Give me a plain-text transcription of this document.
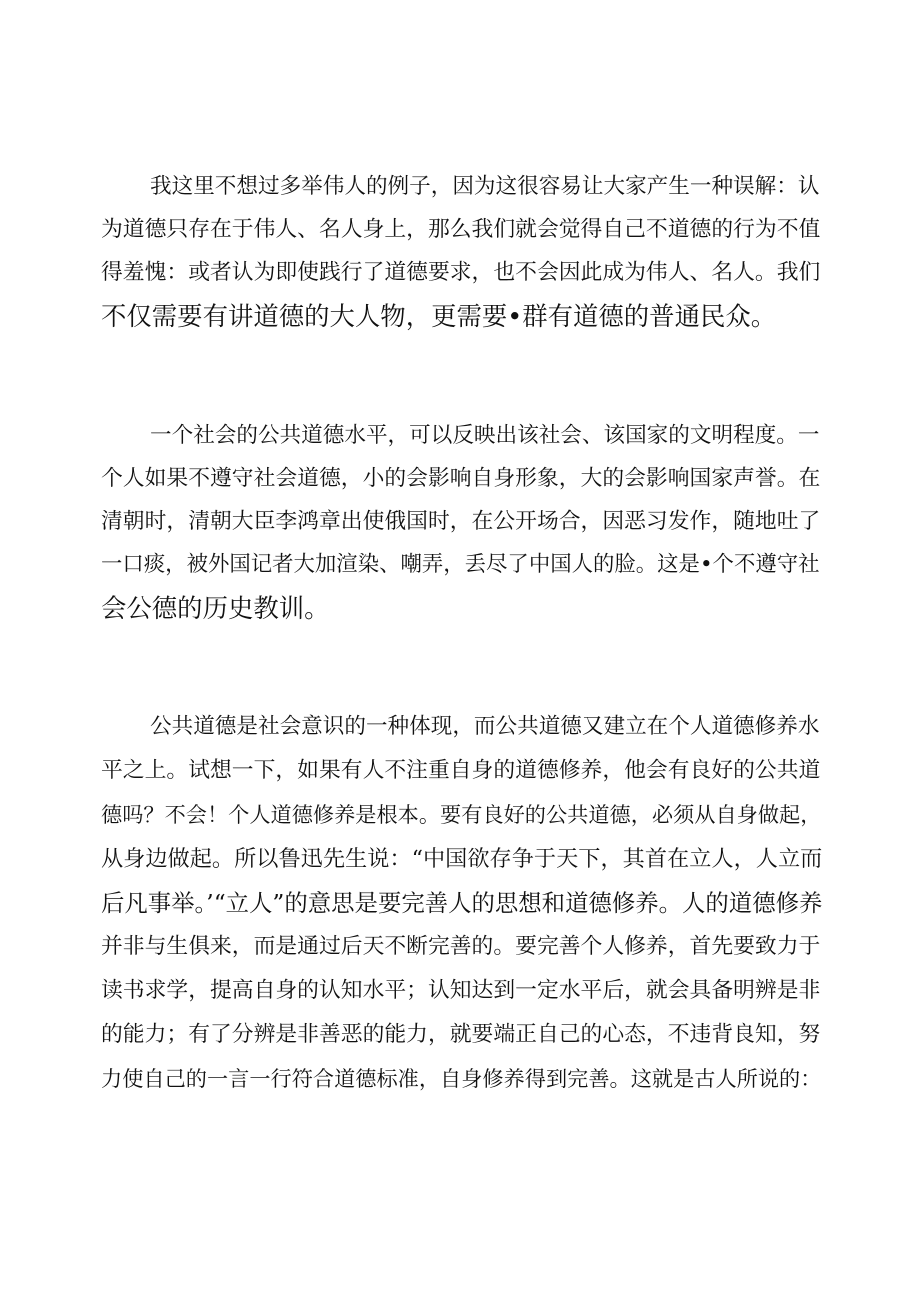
我这里不想过多举伟人的例子，因为这很容易让大家产生一种误解：认

为道德只存在于伟人、名人身上，那么我们就会觉得自己不道德的行为不值

得羞愧：或者认为即使践行了道德要求，也不会因此成为伟人、名人。我们

不仅需要有讲道德的大人物，更需要•群有道德的普通民众。

一个社会的公共道德水平，可以反映出该社会、该国家的文明程度。一

个人如果不遵守社会道德，小的会影响自身形象，大的会影响国家声誉。在

清朝时，清朝大臣李鸿章出使俄国时，在公开场合，因恶习发作，随地吐了

一口痰，被外国记者大加渲染、嘲弄，丢尽了中国人的脸。这是•个不遵守社

会公德的历史教训。

公共道德是社会意识的一种体现，而公共道德又建立在个人道德修养水

平之上。试想一下，如果有人不注重自身的道德修养，他会有良好的公共道

德吗？不会！个人道德修养是根本。要有良好的公共道德，必须从自身做起，

从身边做起。所以鲁迅先生说：“中国欲存争于天下，其首在立人，人立而

后凡事举。’“立人”的意思是要完善人的思想和道德修养。人的道德修养

并非与生俱来，而是通过后天不断完善的。要完善个人修养，首先要致力于

读书求学，提高自身的认知水平；认知达到一定水平后，就会具备明辨是非

的能力；有了分辨是非善恶的能力，就要端正自己的心态，不违背良知，努

力使自己的一言一行符合道德标准，自身修养得到完善。这就是古人所说的：
